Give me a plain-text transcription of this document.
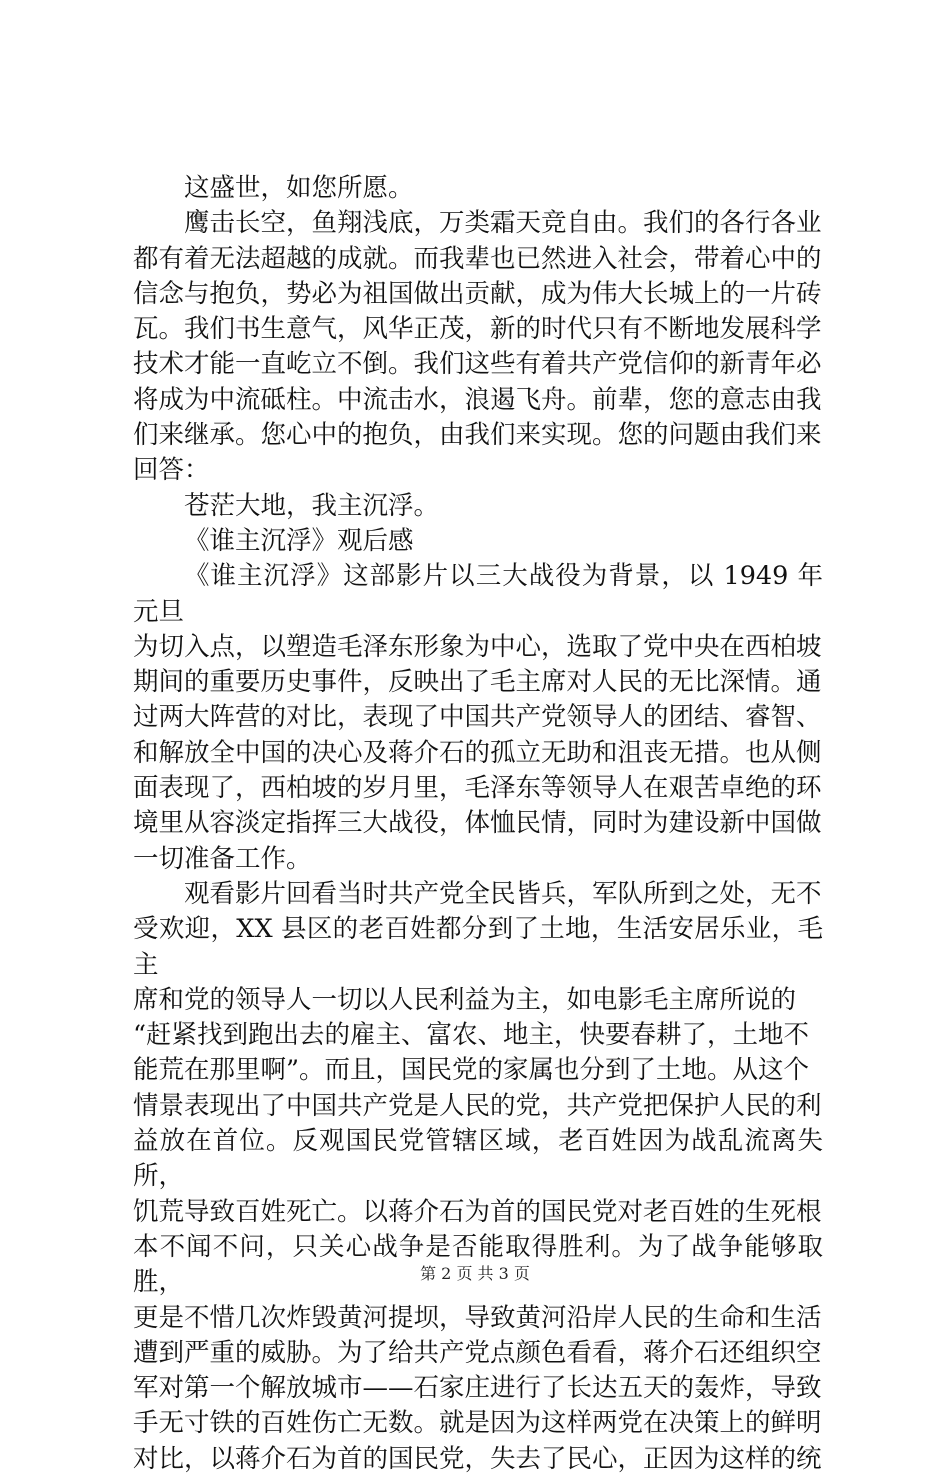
这盛世，如您所愿。

鹰击长空，鱼翔浅底，万类霜天竞自由。我们的各行各业
都有着无法超越的成就。而我辈也已然进入社会，带着心中的
信念与抱负，势必为祖国做出贡献，成为伟大长城上的一片砖
瓦。我们书生意气，风华正茂，新的时代只有不断地发展科学
技术才能一直屹立不倒。我们这些有着共产党信仰的新青年必
将成为中流砥柱。中流击水，浪遏飞舟。前辈，您的意志由我
们来继承。您心中的抱负，由我们来实现。您的问题由我们来
回答：

苍茫大地，我主沉浮。

《谁主沉浮》观后感

《谁主沉浮》这部影片以三大战役为背景，以 1949 年元旦
为切入点，以塑造毛泽东形象为中心，选取了党中央在西柏坡
期间的重要历史事件，反映出了毛主席对人民的无比深情。通
过两大阵营的对比，表现了中国共产党领导人的团结、睿智、
和解放全中国的决心及蒋介石的孤立无助和沮丧无措。也从侧
面表现了，西柏坡的岁月里，毛泽东等领导人在艰苦卓绝的环
境里从容淡定指挥三大战役，体恤民情，同时为建设新中国做
一切准备工作。

观看影片回看当时共产党全民皆兵，军队所到之处，无不
受欢迎，XX 县区的老百姓都分到了土地，生活安居乐业，毛主
席和党的领导人一切以人民利益为主，如电影毛主席所说的
“赶紧找到跑出去的雇主、富农、地主，快要春耕了，土地不
能荒在那里啊”。而且，国民党的家属也分到了土地。从这个
情景表现出了中国共产党是人民的党，共产党把保护人民的利
益放在首位。反观国民党管辖区域，老百姓因为战乱流离失所，
饥荒导致百姓死亡。以蒋介石为首的国民党对老百姓的生死根
本不闻不问，只关心战争是否能取得胜利。为了战争能够取胜，
更是不惜几次炸毁黄河提坝，导致黄河沿岸人民的生命和生活
遭到严重的威胁。为了给共产党点颜色看看，蒋介石还组织空
军对第一个解放城市——石家庄进行了长达五天的轰炸，导致
手无寸铁的百姓伤亡无数。就是因为这样两党在决策上的鲜明
对比，以蒋介石为首的国民党，失去了民心，正因为这样的统

第 2 页 共 3 页
